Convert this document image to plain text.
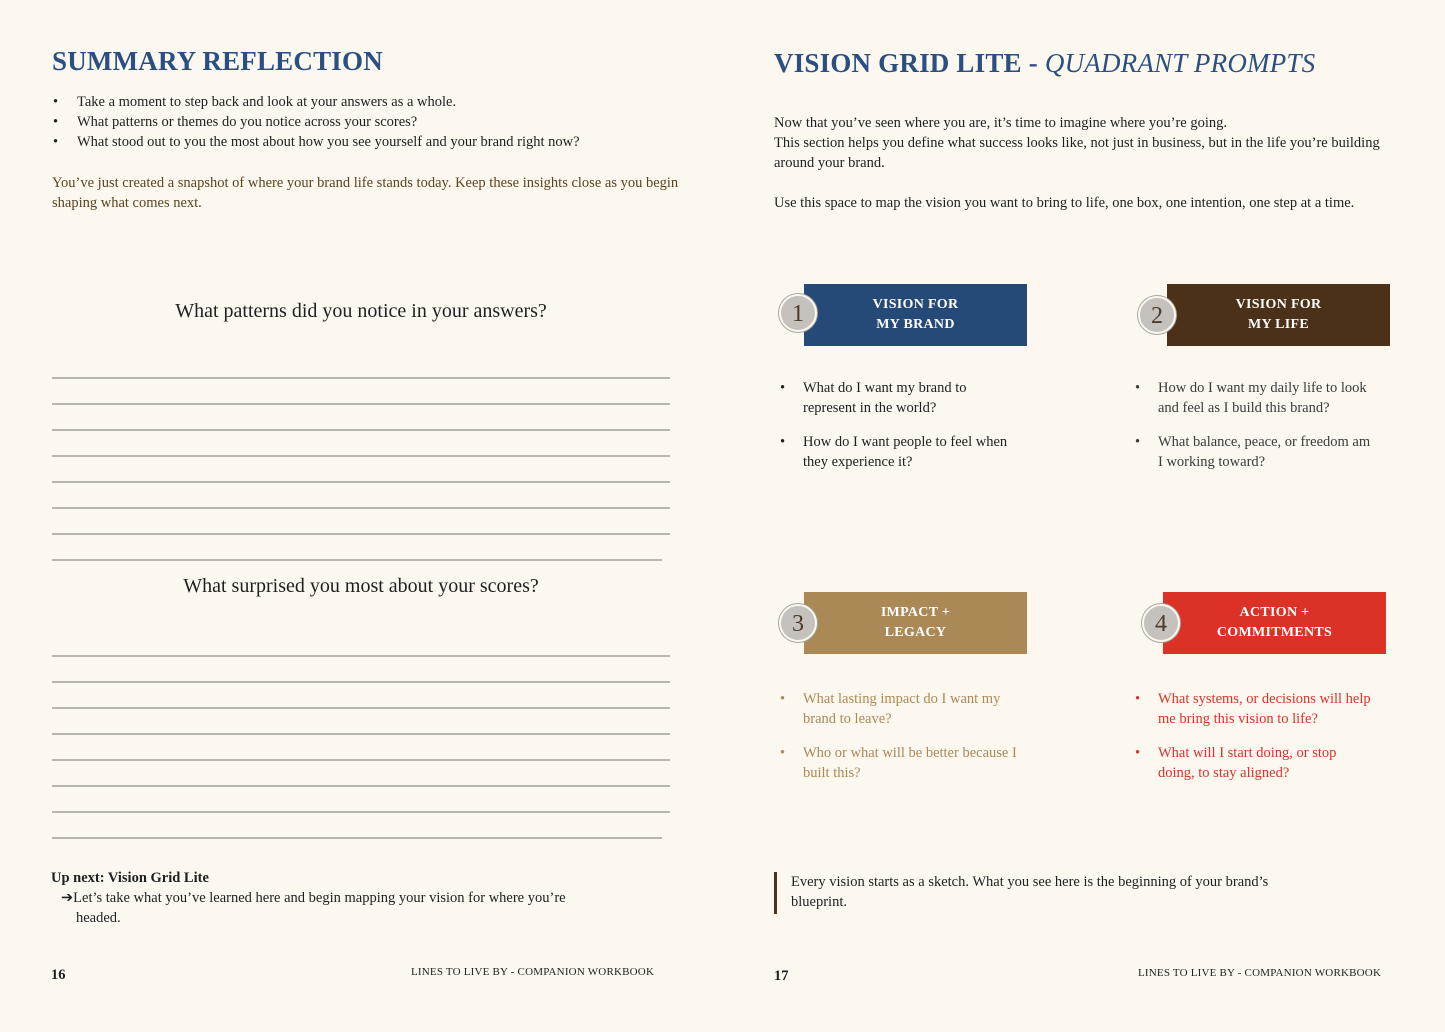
SUMMARY REFLECTION
• Take a moment to step back and look at your answers as a whole.
• What patterns or themes do you notice across your scores?
• What stood out to you the most about how you see yourself and your brand right now?
You’ve just created a snapshot of where your brand life stands today. Keep these insights close as you begin shaping what comes next.
What patterns did you notice in your answers?
What surprised you most about your scores?
Up next: Vision Grid Lite
➔Let’s take what you’ve learned here and begin mapping your vision for where you’re headed.
16	LINES TO LIVE BY - COMPANION WORKBOOK
VISION GRID LITE - QUADRANT PROMPTS
Now that you’ve seen where you are, it’s time to imagine where you’re going.
This section helps you define what success looks like, not just in business, but in the life you’re building around your brand.
Use this space to map the vision you want to bring to life, one box, one intention, one step at a time.
VISION FOR
MY BRAND
1
• What do I want my brand to represent in the world?
• How do I want people to feel when they experience it?
VISION FOR
MY LIFE
2
• How do I want my daily life to look and feel as I build this brand?
• What balance, peace, or freedom am I working toward?
IMPACT +
LEGACY
3
• What lasting impact do I want my brand to leave?
• Who or what will be better because I built this?
ACTION +
COMMITMENTS
4
• What systems, or decisions will help me bring this vision to life?
• What will I start doing, or stop doing, to stay aligned?
Every vision starts as a sketch. What you see here is the beginning of your brand’s blueprint.
17	LINES TO LIVE BY - COMPANION WORKBOOK
